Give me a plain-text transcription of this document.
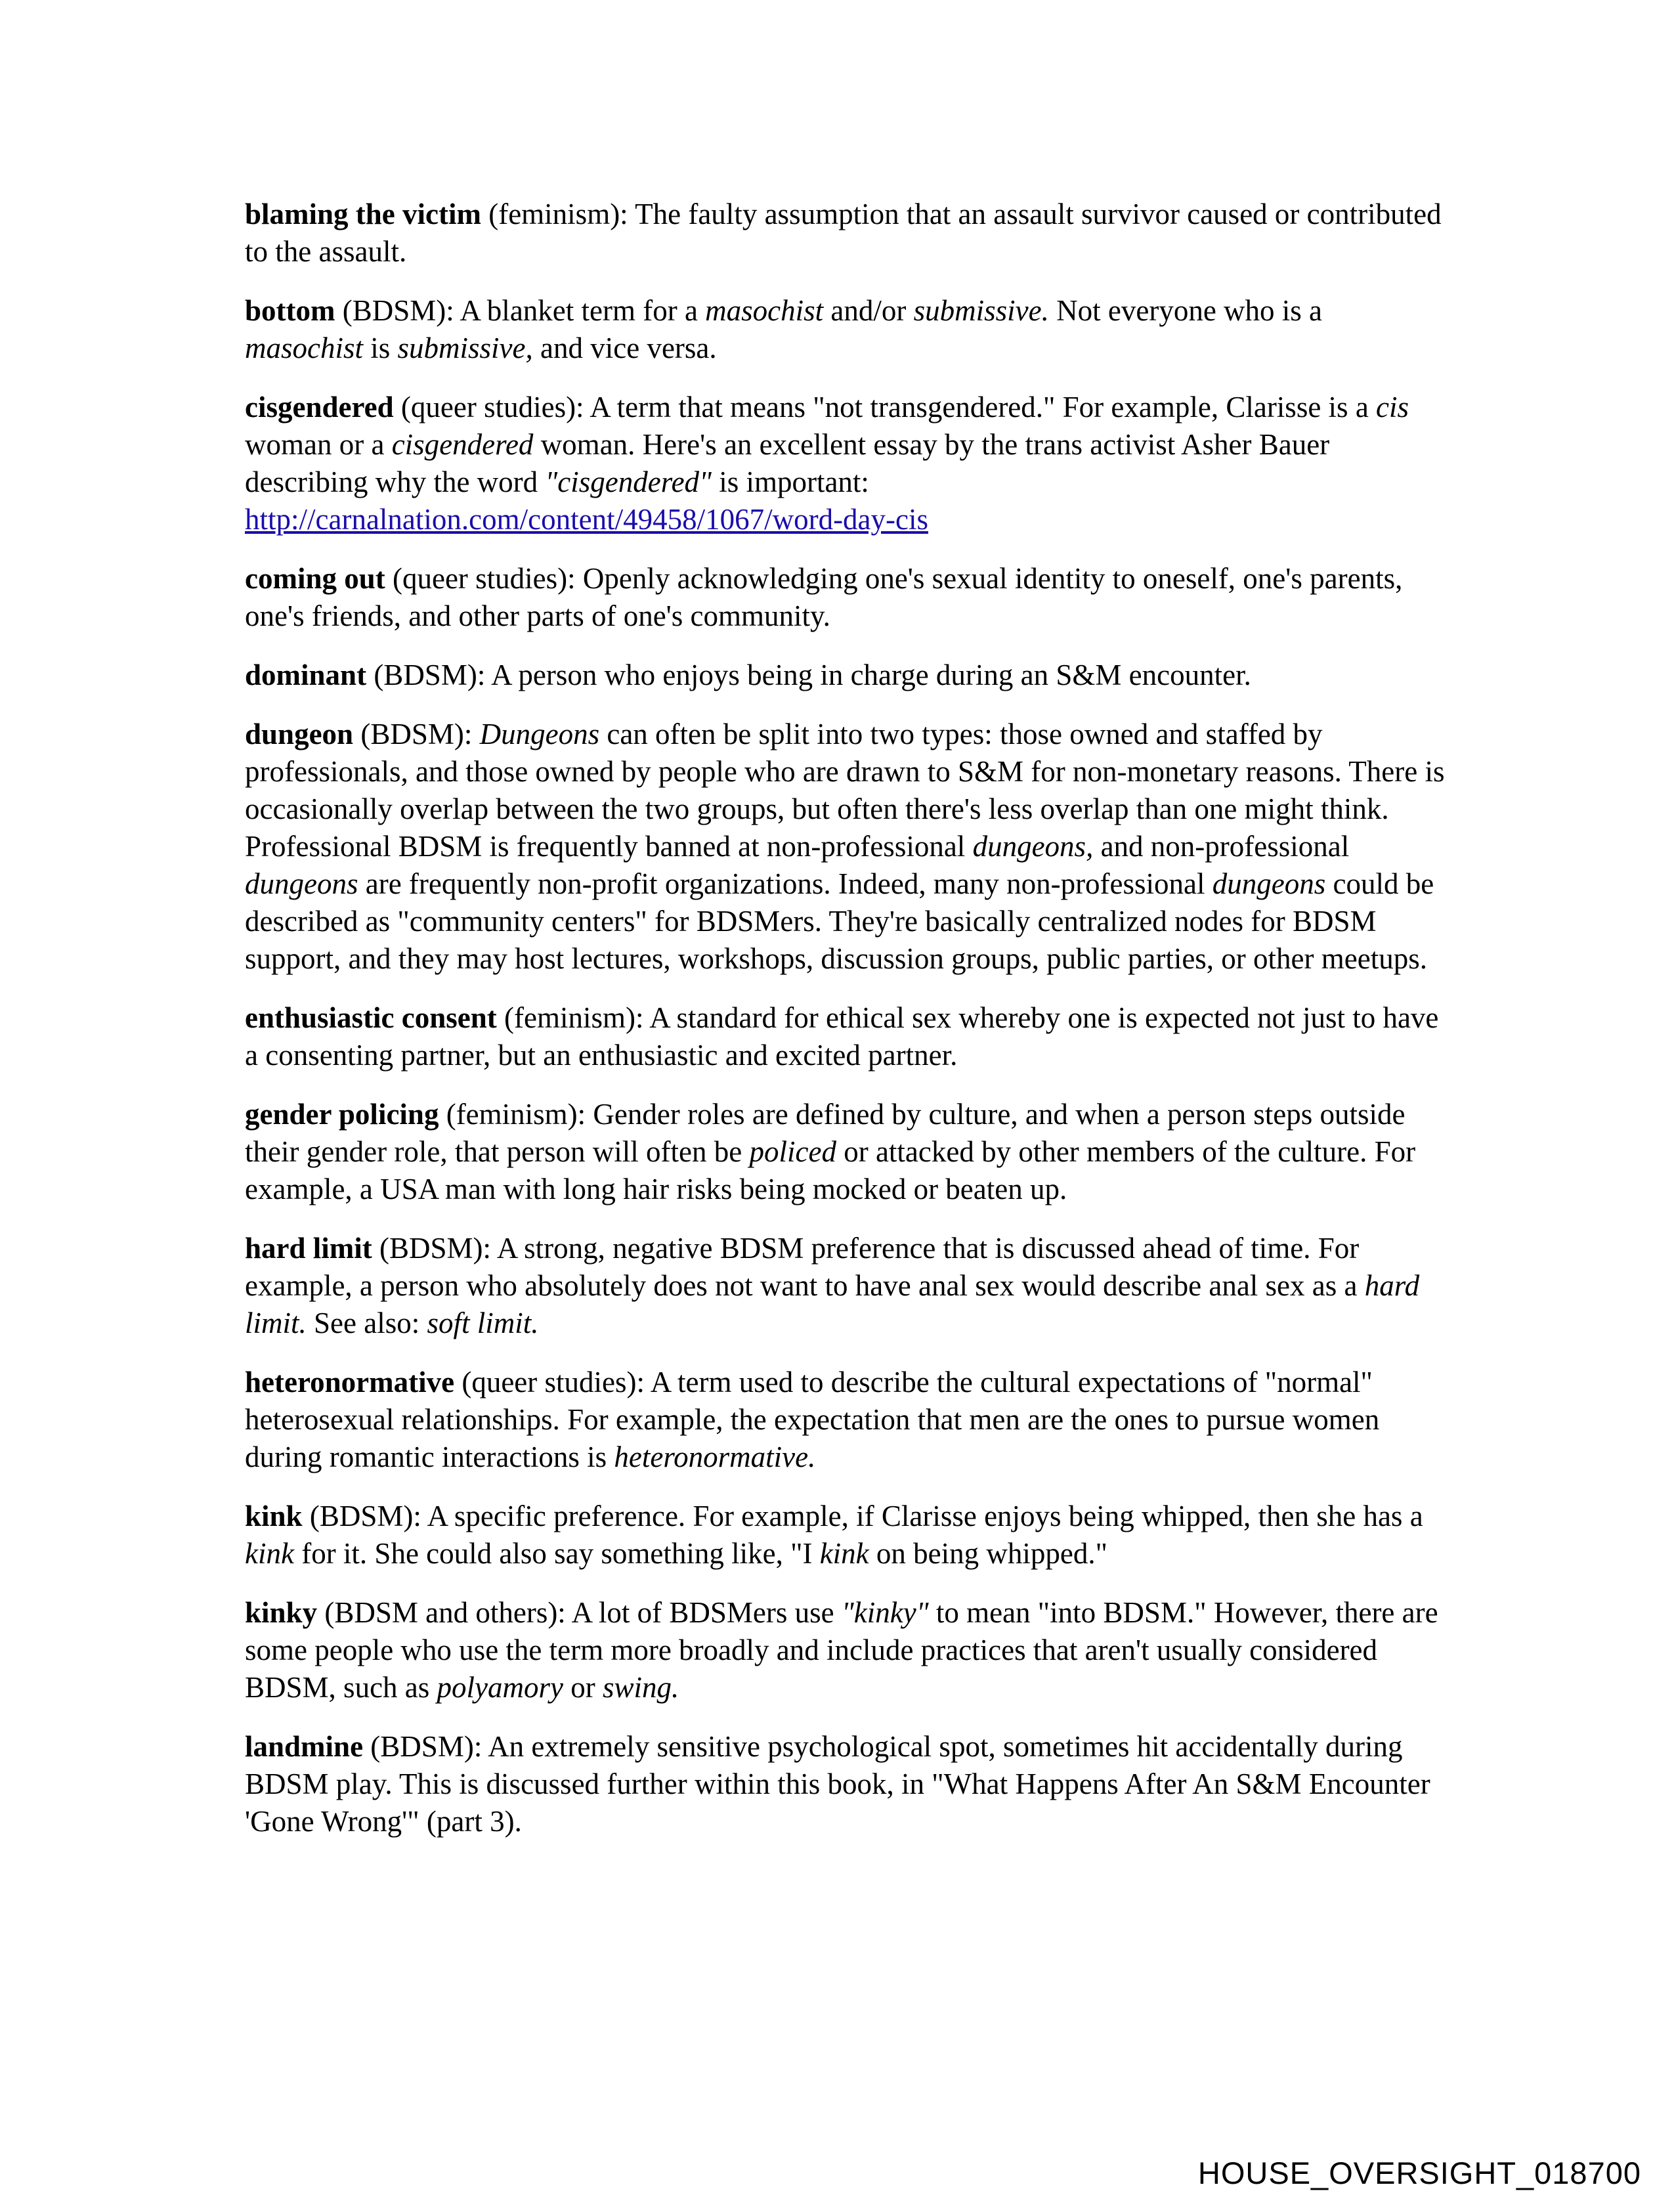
blaming the victim (feminism): The faulty assumption that an assault survivor caused or contributed to the assault.

bottom (BDSM): A blanket term for a masochist and/or submissive. Not everyone who is a masochist is submissive, and vice versa.

cisgendered (queer studies): A term that means "not transgendered." For example, Clarisse is a cis woman or a cisgendered woman. Here's an excellent essay by the trans activist Asher Bauer describing why the word "cisgendered" is important: http://carnalnation.com/content/49458/1067/word-day-cis

coming out (queer studies): Openly acknowledging one's sexual identity to oneself, one's parents, one's friends, and other parts of one's community.

dominant (BDSM): A person who enjoys being in charge during an S&M encounter.

dungeon (BDSM): Dungeons can often be split into two types: those owned and staffed by professionals, and those owned by people who are drawn to S&M for non-monetary reasons. There is occasionally overlap between the two groups, but often there's less overlap than one might think. Professional BDSM is frequently banned at non-professional dungeons, and non-professional dungeons are frequently non-profit organizations. Indeed, many non-professional dungeons could be described as "community centers" for BDSMers. They're basically centralized nodes for BDSM support, and they may host lectures, workshops, discussion groups, public parties, or other meetups.

enthusiastic consent (feminism): A standard for ethical sex whereby one is expected not just to have a consenting partner, but an enthusiastic and excited partner.

gender policing (feminism): Gender roles are defined by culture, and when a person steps outside their gender role, that person will often be policed or attacked by other members of the culture. For example, a USA man with long hair risks being mocked or beaten up.

hard limit (BDSM): A strong, negative BDSM preference that is discussed ahead of time. For example, a person who absolutely does not want to have anal sex would describe anal sex as a hard limit. See also: soft limit.

heteronormative (queer studies): A term used to describe the cultural expectations of "normal" heterosexual relationships. For example, the expectation that men are the ones to pursue women during romantic interactions is heteronormative.

kink (BDSM): A specific preference. For example, if Clarisse enjoys being whipped, then she has a kink for it. She could also say something like, "I kink on being whipped."

kinky (BDSM and others): A lot of BDSMers use "kinky" to mean "into BDSM." However, there are some people who use the term more broadly and include practices that aren't usually considered BDSM, such as polyamory or swing.

landmine (BDSM): An extremely sensitive psychological spot, sometimes hit accidentally during BDSM play. This is discussed further within this book, in "What Happens After An S&M Encounter 'Gone Wrong'" (part 3).

HOUSE_OVERSIGHT_018700
